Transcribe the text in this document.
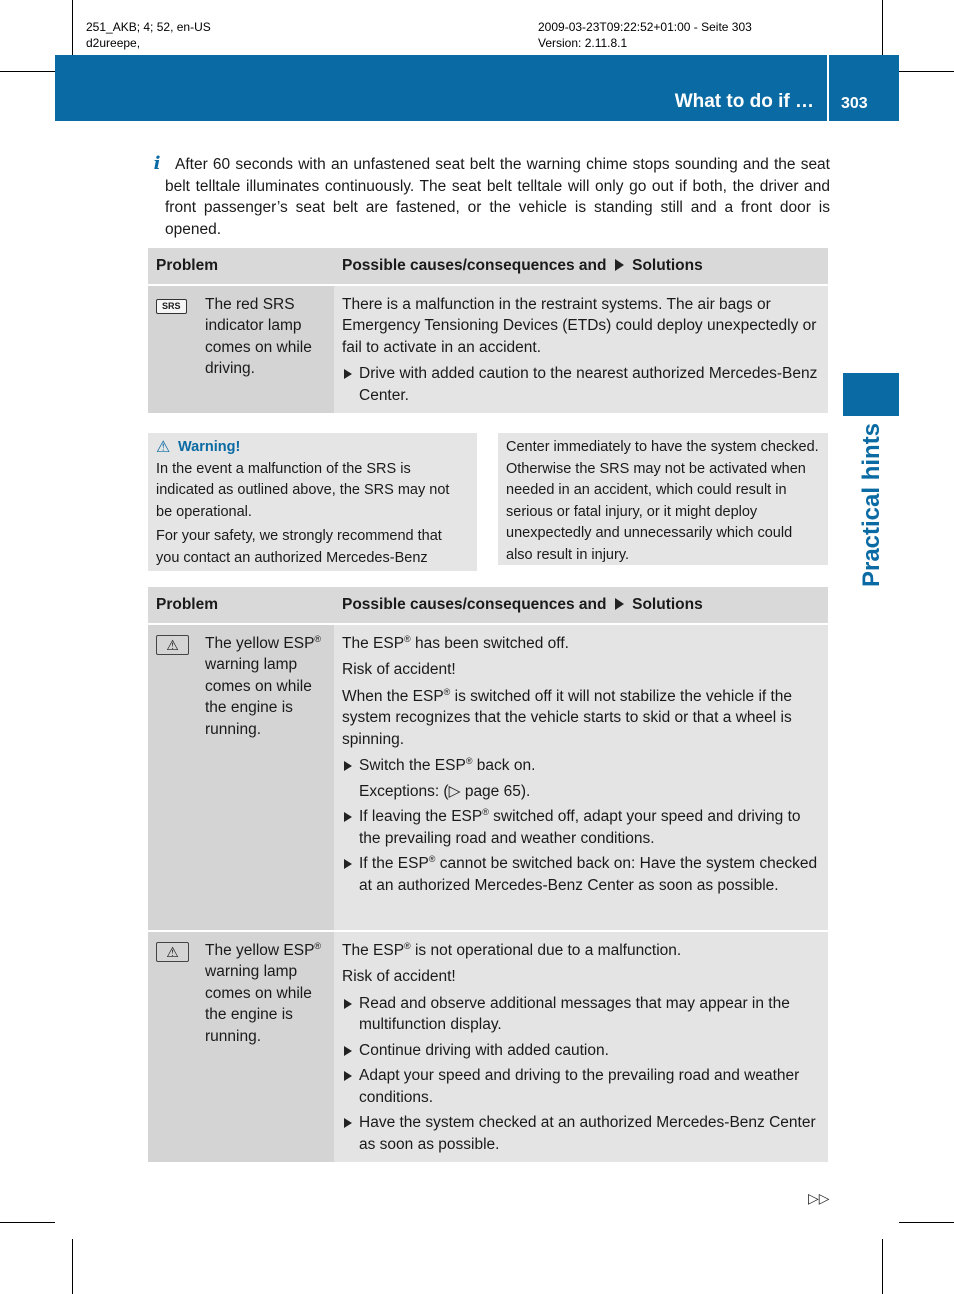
251_AKB; 4; 52, en-US
d2ureepe,
2009-03-23T09:22:52+01:00 - Seite 303
Version: 2.11.8.1
What to do if … 303
Practical hints
i After 60 seconds with an unfastened seat belt the warning chime stops sounding and the seat belt telltale illuminates continuously. The seat belt telltale will only go out if both, the driver and front passenger’s seat belt are fastened, or the vehicle is standing still and a front door is opened.
Problem	Possible causes/consequences and Solutions
SRS	The red SRS indicator lamp comes on while driving.

There is a malfunction in the restraint systems. The air bags or Emergency Tensioning Devices (ETDs) could deploy unexpectedly or fail to activate in an accident.

Drive with added caution to the nearest authorized Mercedes-Benz Center.
⚠ Warning!

In the event a malfunction of the SRS is indicated as outlined above, the SRS may not be operational.

For your safety, we strongly recommend that you contact an authorized Mercedes-Benz

Center immediately to have the system checked. Otherwise the SRS may not be activated when needed in an accident, which could result in serious or fatal injury, or it might deploy unexpectedly and unnecessarily which could also result in injury.

Problem	Possible causes/consequences and Solutions
⚠	The yellow ESP® warning lamp comes on while the engine is running.

The ESP® has been switched off.

Risk of accident!

When the ESP® is switched off it will not stabilize the vehicle if the system recognizes that the vehicle starts to skid or that a wheel is spinning.

Switch the ESP® back on.
Exceptions: (▷ page 65).
If leaving the ESP® switched off, adapt your speed and driving to the prevailing road and weather conditions.
If the ESP® cannot be switched back on: Have the system checked at an authorized Mercedes-Benz Center as soon as possible.
⚠	The yellow ESP® warning lamp comes on while the engine is running.

The ESP® is not operational due to a malfunction.

Risk of accident!

Read and observe additional messages that may appear in the multifunction display.
Continue driving with added caution.
Adapt your speed and driving to the prevailing road and weather conditions.
Have the system checked at an authorized Mercedes-Benz Center as soon as possible.
▷▷
